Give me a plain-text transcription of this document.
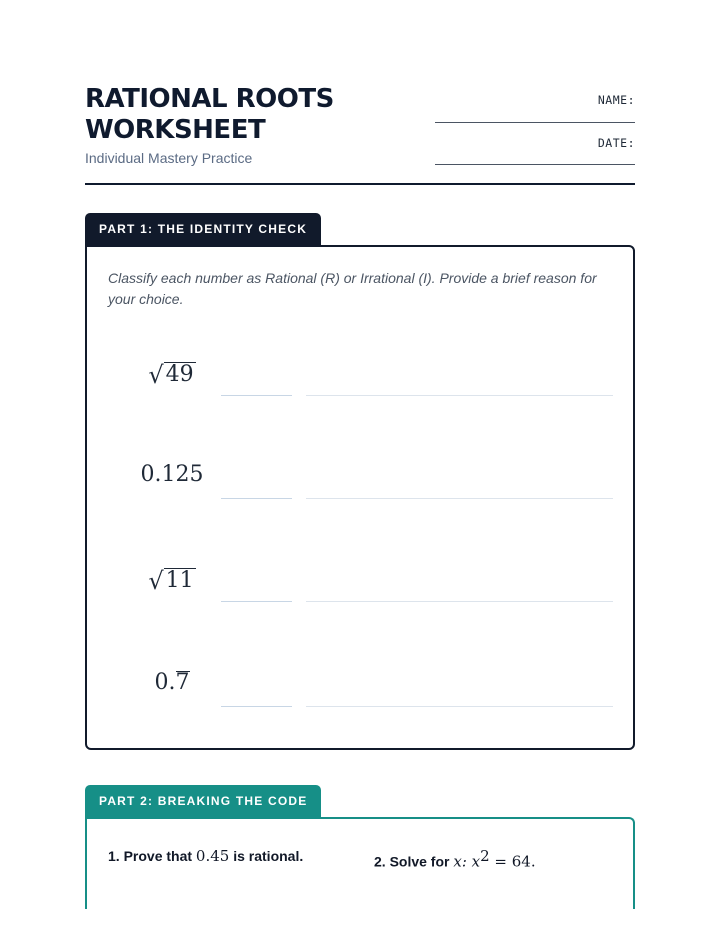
RATIONAL ROOTS WORKSHEET

Individual Mastery Practice

NAME:
DATE:
PART 1: THE IDENTITY CHECK

Classify each number as Rational (R) or Irrational (I). Provide a brief reason for your choice.

√49
0.125
√11
0.7
PART 2: BREAKING THE CODE
1. Prove that 0.45 is rational.	2. Solve for x: $x^2 = 64$.
